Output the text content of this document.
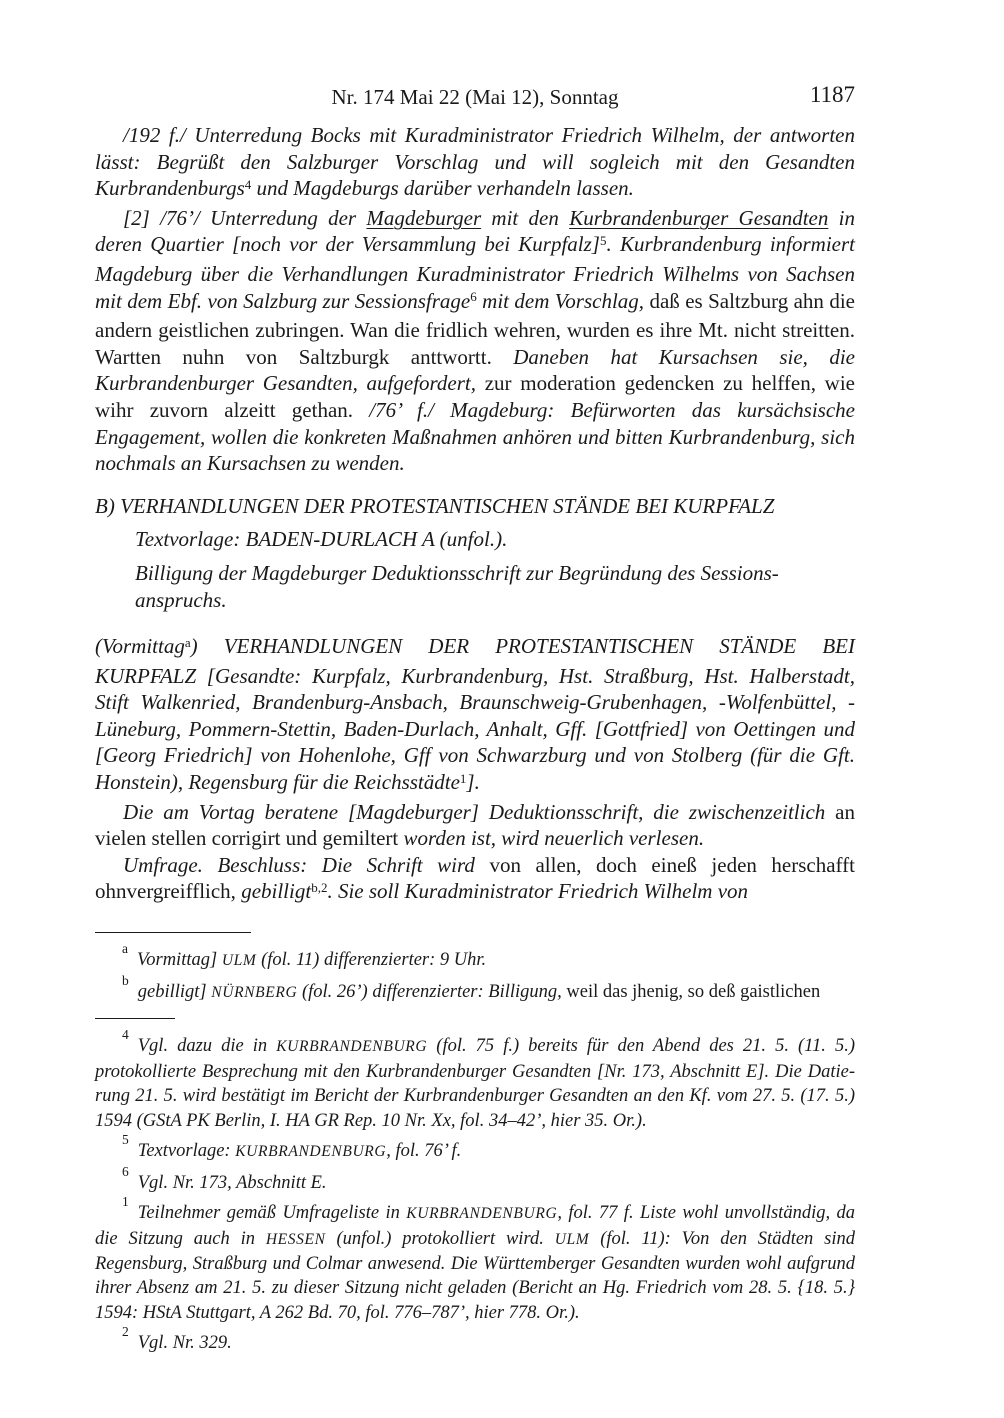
Nr. 174 Mai 22 (Mai 12), Sonntag	1187

/192 f./ Unterredung Bocks mit Kuradministrator Friedrich Wilhelm, der antworten lässt: Begrüßt den Salzburger Vorschlag und will sogleich mit den Gesandten Kurbrandenburgs$^4$ und Magdeburgs darüber verhandeln lassen.

[2] /76’/ Unterredung der Magdeburger mit den Kurbrandenburger Gesandten in deren Quartier [noch vor der Versammlung bei Kurpfalz]$^5$. Kurbrandenburg informiert Magdeburg über die Verhandlungen Kuradministrator Friedrich Wilhelms von Sachsen mit dem Ebf. von Salzburg zur Sessionsfrage$^6$ mit dem Vorschlag, daß es Saltzburg ahn die andern geistlichen zubringen. Wan die fridlich wehren, wurden es ihre Mt. nicht streitten. Wartten nuhn von Saltzburgk anttwortt. Daneben hat Kursachsen sie, die Kurbrandenburger Gesandten, aufgefordert, zur moderation gedencken zu helffen, wie wihr zuvorn alzeitt gethan. /76’ f./ Magdeburg: Befürworten das kursächsische Engagement, wollen die konkreten Maßnahmen anhören und bitten Kurbrandenburg, sich nochmals an Kursachsen zu wenden.

B) VERHANDLUNGEN DER PROTESTANTISCHEN STÄNDE BEI KURPFALZ

Textvorlage: BADEN-DURLACH A (unfol.).

Billigung der Magdeburger Deduktionsschrift zur Begründung des Sessionsanspruchs.

(Vormittag$^a$) VERHANDLUNGEN DER PROTESTANTISCHEN STÄNDE BEI KURPFALZ [Gesandte: Kurpfalz, Kurbrandenburg, Hst. Straßburg, Hst. Halberstadt, Stift Walkenried, Brandenburg-Ansbach, Braunschweig-Grubenhagen, -Wolfenbüttel, -Lüneburg, Pommern-Stettin, Baden-Durlach, Anhalt, Gff. [Gottfried] von Oettingen und [Georg Friedrich] von Hohenlohe, Gff von Schwarzburg und von Stolberg (für die Gft. Honstein), Regensburg für die Reichsstädte$^1$].

Die am Vortag beratene [Magdeburger] Deduktionsschrift, die zwischenzeitlich an vielen stellen corrigirt und gemiltert worden ist, wird neuerlich verlesen.

Umfrage. Beschluss: Die Schrift wird von allen, doch eineß jeden herschafft ohnvergreifflich, gebilligt$^{b,2}$. Sie soll Kuradministrator Friedrich Wilhelm von

$^a$Vormittag] ULM (fol. 11) differenzierter: 9 Uhr.

$^b$gebilligt] NÜRNBERG (fol. 26’) differenzierter: Billigung, weil das jhenig, so deß gaistlichen

$^4$Vgl. dazu die in KURBRANDENBURG (fol. 75 f.) bereits für den Abend des 21. 5. (11. 5.) protokollierte Besprechung mit den Kurbrandenburger Gesandten [Nr. 173, Abschnitt E]. Die Datierung 21. 5. wird bestätigt im Bericht der Kurbrandenburger Gesandten an den Kf. vom 27. 5. (17. 5.) 1594 (GStA PK Berlin, I. HA GR Rep. 10 Nr. Xx, fol. 34–42’, hier 35. Or.).

$^5$Textvorlage: KURBRANDENBURG, fol. 76’ f.

$^6$Vgl. Nr. 173, Abschnitt E.

$^1$Teilnehmer gemäß Umfrageliste in KURBRANDENBURG, fol. 77 f. Liste wohl unvollständig, da die Sitzung auch in HESSEN (unfol.) protokolliert wird. ULM (fol. 11): Von den Städten sind Regensburg, Straßburg und Colmar anwesend. Die Württemberger Gesandten wurden wohl aufgrund ihrer Absenz am 21. 5. zu dieser Sitzung nicht geladen (Bericht an Hg. Friedrich vom 28. 5. {18. 5.} 1594: HStA Stuttgart, A 262 Bd. 70, fol. 776–787’, hier 778. Or.).

$^2$Vgl. Nr. 329.
